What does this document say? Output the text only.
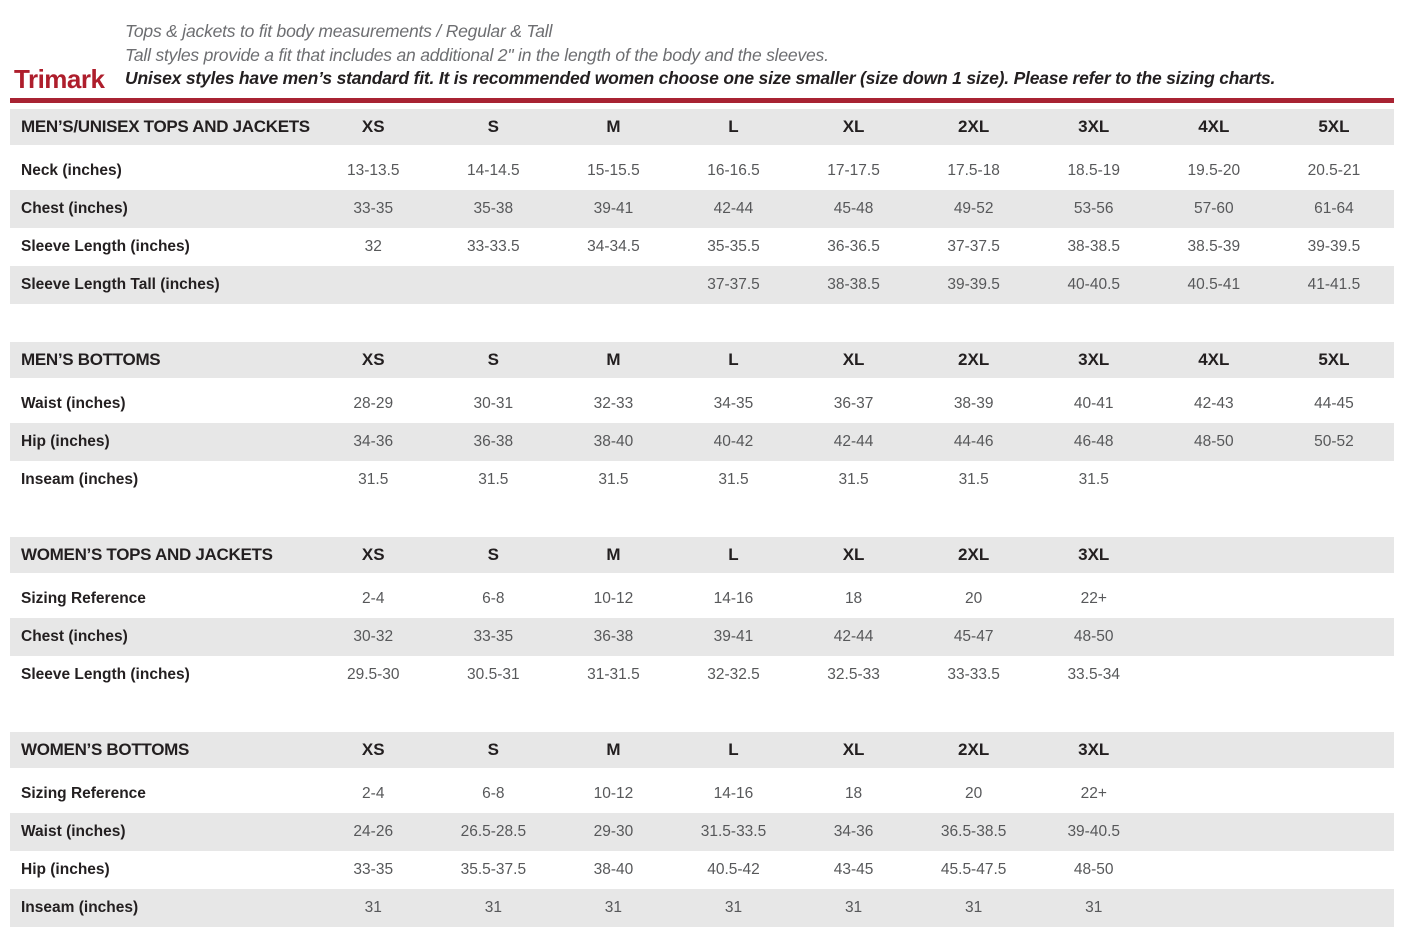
Trimark
Tops & jackets to fit body measurements / Regular & Tall
Tall styles provide a fit that includes an additional 2" in the length of the body and the sleeves.
Unisex styles have men’s standard fit. It is recommended women choose one size smaller (size down 1 size). Please refer to the sizing charts.
MEN’S/UNISEX TOPS AND JACKETS	XS	S	M	L	XL	2XL	3XL	4XL	5XL

Neck (inches)	13-13.5	14-14.5	15-15.5	16-16.5	17-17.5	17.5-18	18.5-19	19.5-20	20.5-21
Chest (inches)	33-35	35-38	39-41	42-44	45-48	49-52	53-56	57-60	61-64
Sleeve Length (inches)	32	33-33.5	34-34.5	35-35.5	36-36.5	37-37.5	38-38.5	38.5-39	39-39.5
Sleeve Length Tall (inches)				37-37.5	38-38.5	39-39.5	40-40.5	40.5-41	41-41.5
MEN’S BOTTOMS	XS	S	M	L	XL	2XL	3XL	4XL	5XL

Waist (inches)	28-29	30-31	32-33	34-35	36-37	38-39	40-41	42-43	44-45
Hip (inches)	34-36	36-38	38-40	40-42	42-44	44-46	46-48	48-50	50-52
Inseam (inches)	31.5	31.5	31.5	31.5	31.5	31.5	31.5		
WOMEN’S TOPS AND JACKETS	XS	S	M	L	XL	2XL	3XL		

Sizing Reference	2-4	6-8	10-12	14-16	18	20	22+		
Chest (inches)	30-32	33-35	36-38	39-41	42-44	45-47	48-50		
Sleeve Length (inches)	29.5-30	30.5-31	31-31.5	32-32.5	32.5-33	33-33.5	33.5-34		
WOMEN’S BOTTOMS	XS	S	M	L	XL	2XL	3XL		

Sizing Reference	2-4	6-8	10-12	14-16	18	20	22+		
Waist (inches)	24-26	26.5-28.5	29-30	31.5-33.5	34-36	36.5-38.5	39-40.5		
Hip (inches)	33-35	35.5-37.5	38-40	40.5-42	43-45	45.5-47.5	48-50		
Inseam (inches)	31	31	31	31	31	31	31		
